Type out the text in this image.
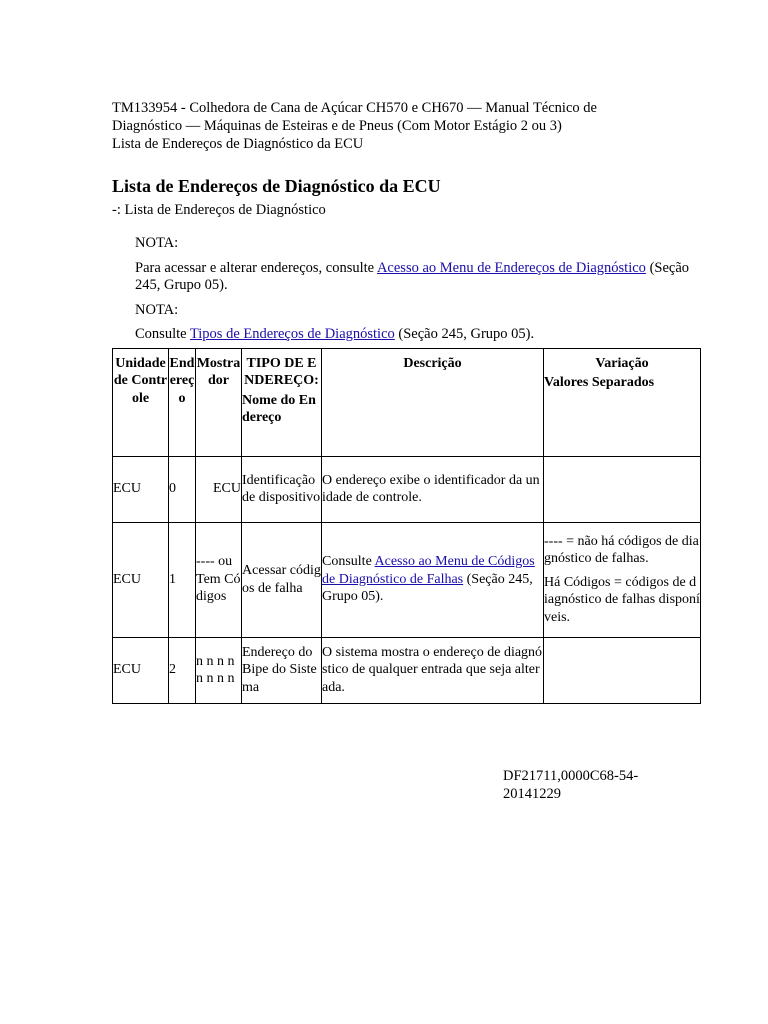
TM133954 - Colhedora de Cana de Açúcar CH570 e CH670 — Manual Técnico de

Diagnóstico — Máquinas de Esteiras e de Pneus (Com Motor Estágio 2 ou 3)

Lista de Endereços de Diagnóstico da ECU

Lista de Endereços de Diagnóstico da ECU

-: Lista de Endereços de Diagnóstico

NOTA:

Para acessar e alterar endereços, consulte Acesso ao Menu de Endereços de Diagnóstico (Seção 245, Grupo 05).

NOTA:

Consulte Tipos de Endereços de Diagnóstico (Seção 245, Grupo 05).

Unidade de Controle	Endereço	Mostrador	TIPO DE ENDEREÇO:
Nome do Endereço	Descrição	Variação
Valores Separados

ECU	0	ECU	Identificação de dispositivo	O endereço exibe o identificador da unidade de controle.	
ECU	1	---- ou Tem Códigos	Acessar códigos de falha	Consulte Acesso ao Menu de Códigos de Diagnóstico de Falhas (Seção 245, Grupo 05).	---- = não há códigos de diagnóstico de falhas.

Há Códigos = códigos de diagnóstico de falhas disponíveis.

ECU	2	n n n n n n n n	Endereço do Bipe do Sistema	O sistema mostra o endereço de diagnóstico de qualquer entrada que seja alterada.	
DF21711,0000C68-54-20141229
